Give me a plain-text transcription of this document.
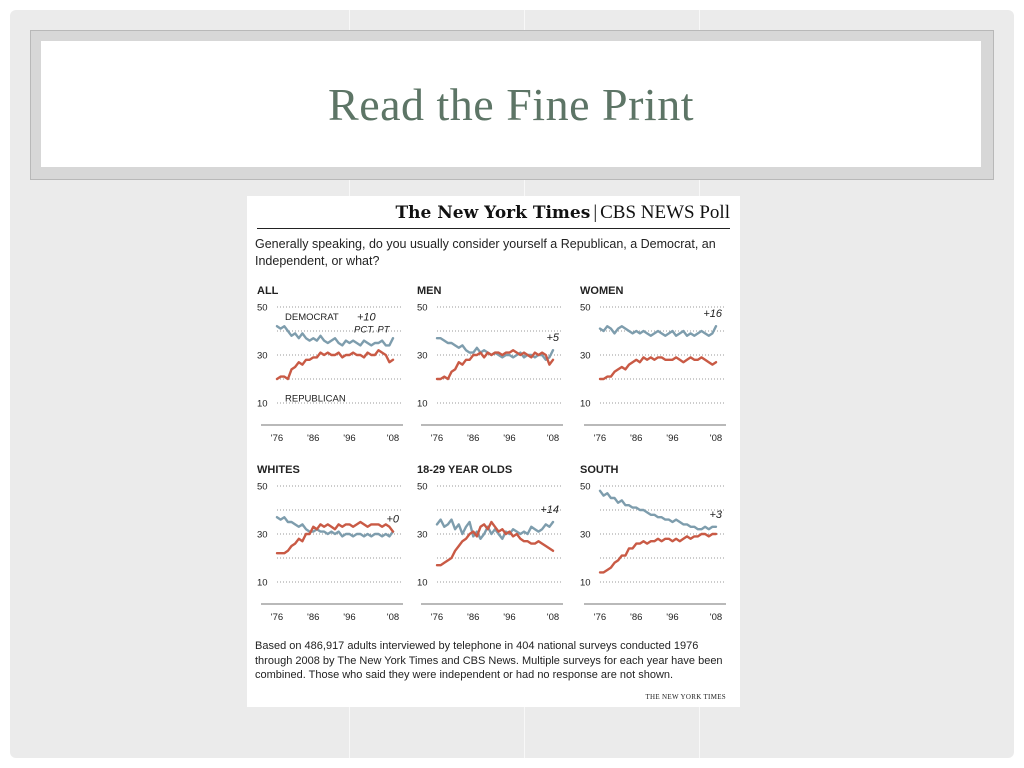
Read the Fine Print
The New York Times | CBS NEWS Poll
Generally speaking, do you usually consider yourself a Republican, a Democrat, an Independent, or what?
ALL
50
30
10
'76	'86	'96	'08
DEMOCRAT
REPUBLICAN
+10
PCT. PT
MEN
50
30
10
'76	'86	'96	'08
+5
WOMEN
50
30
10
'76	'86	'96	'08
+16
WHITES
50
30
10
'76	'86	'96	'08
+0
18-29 YEAR OLDS
50
30
10
'76	'86	'96	'08
+14
SOUTH
50
30
10
'76	'86	'96	'08
+3
Based on 486,917 adults interviewed by telephone in 404 national surveys conducted 1976 through 2008 by The New York Times and CBS News. Multiple surveys for each year have been combined. Those who said they were independent or had no response are not shown.
THE NEW YORK TIMES
